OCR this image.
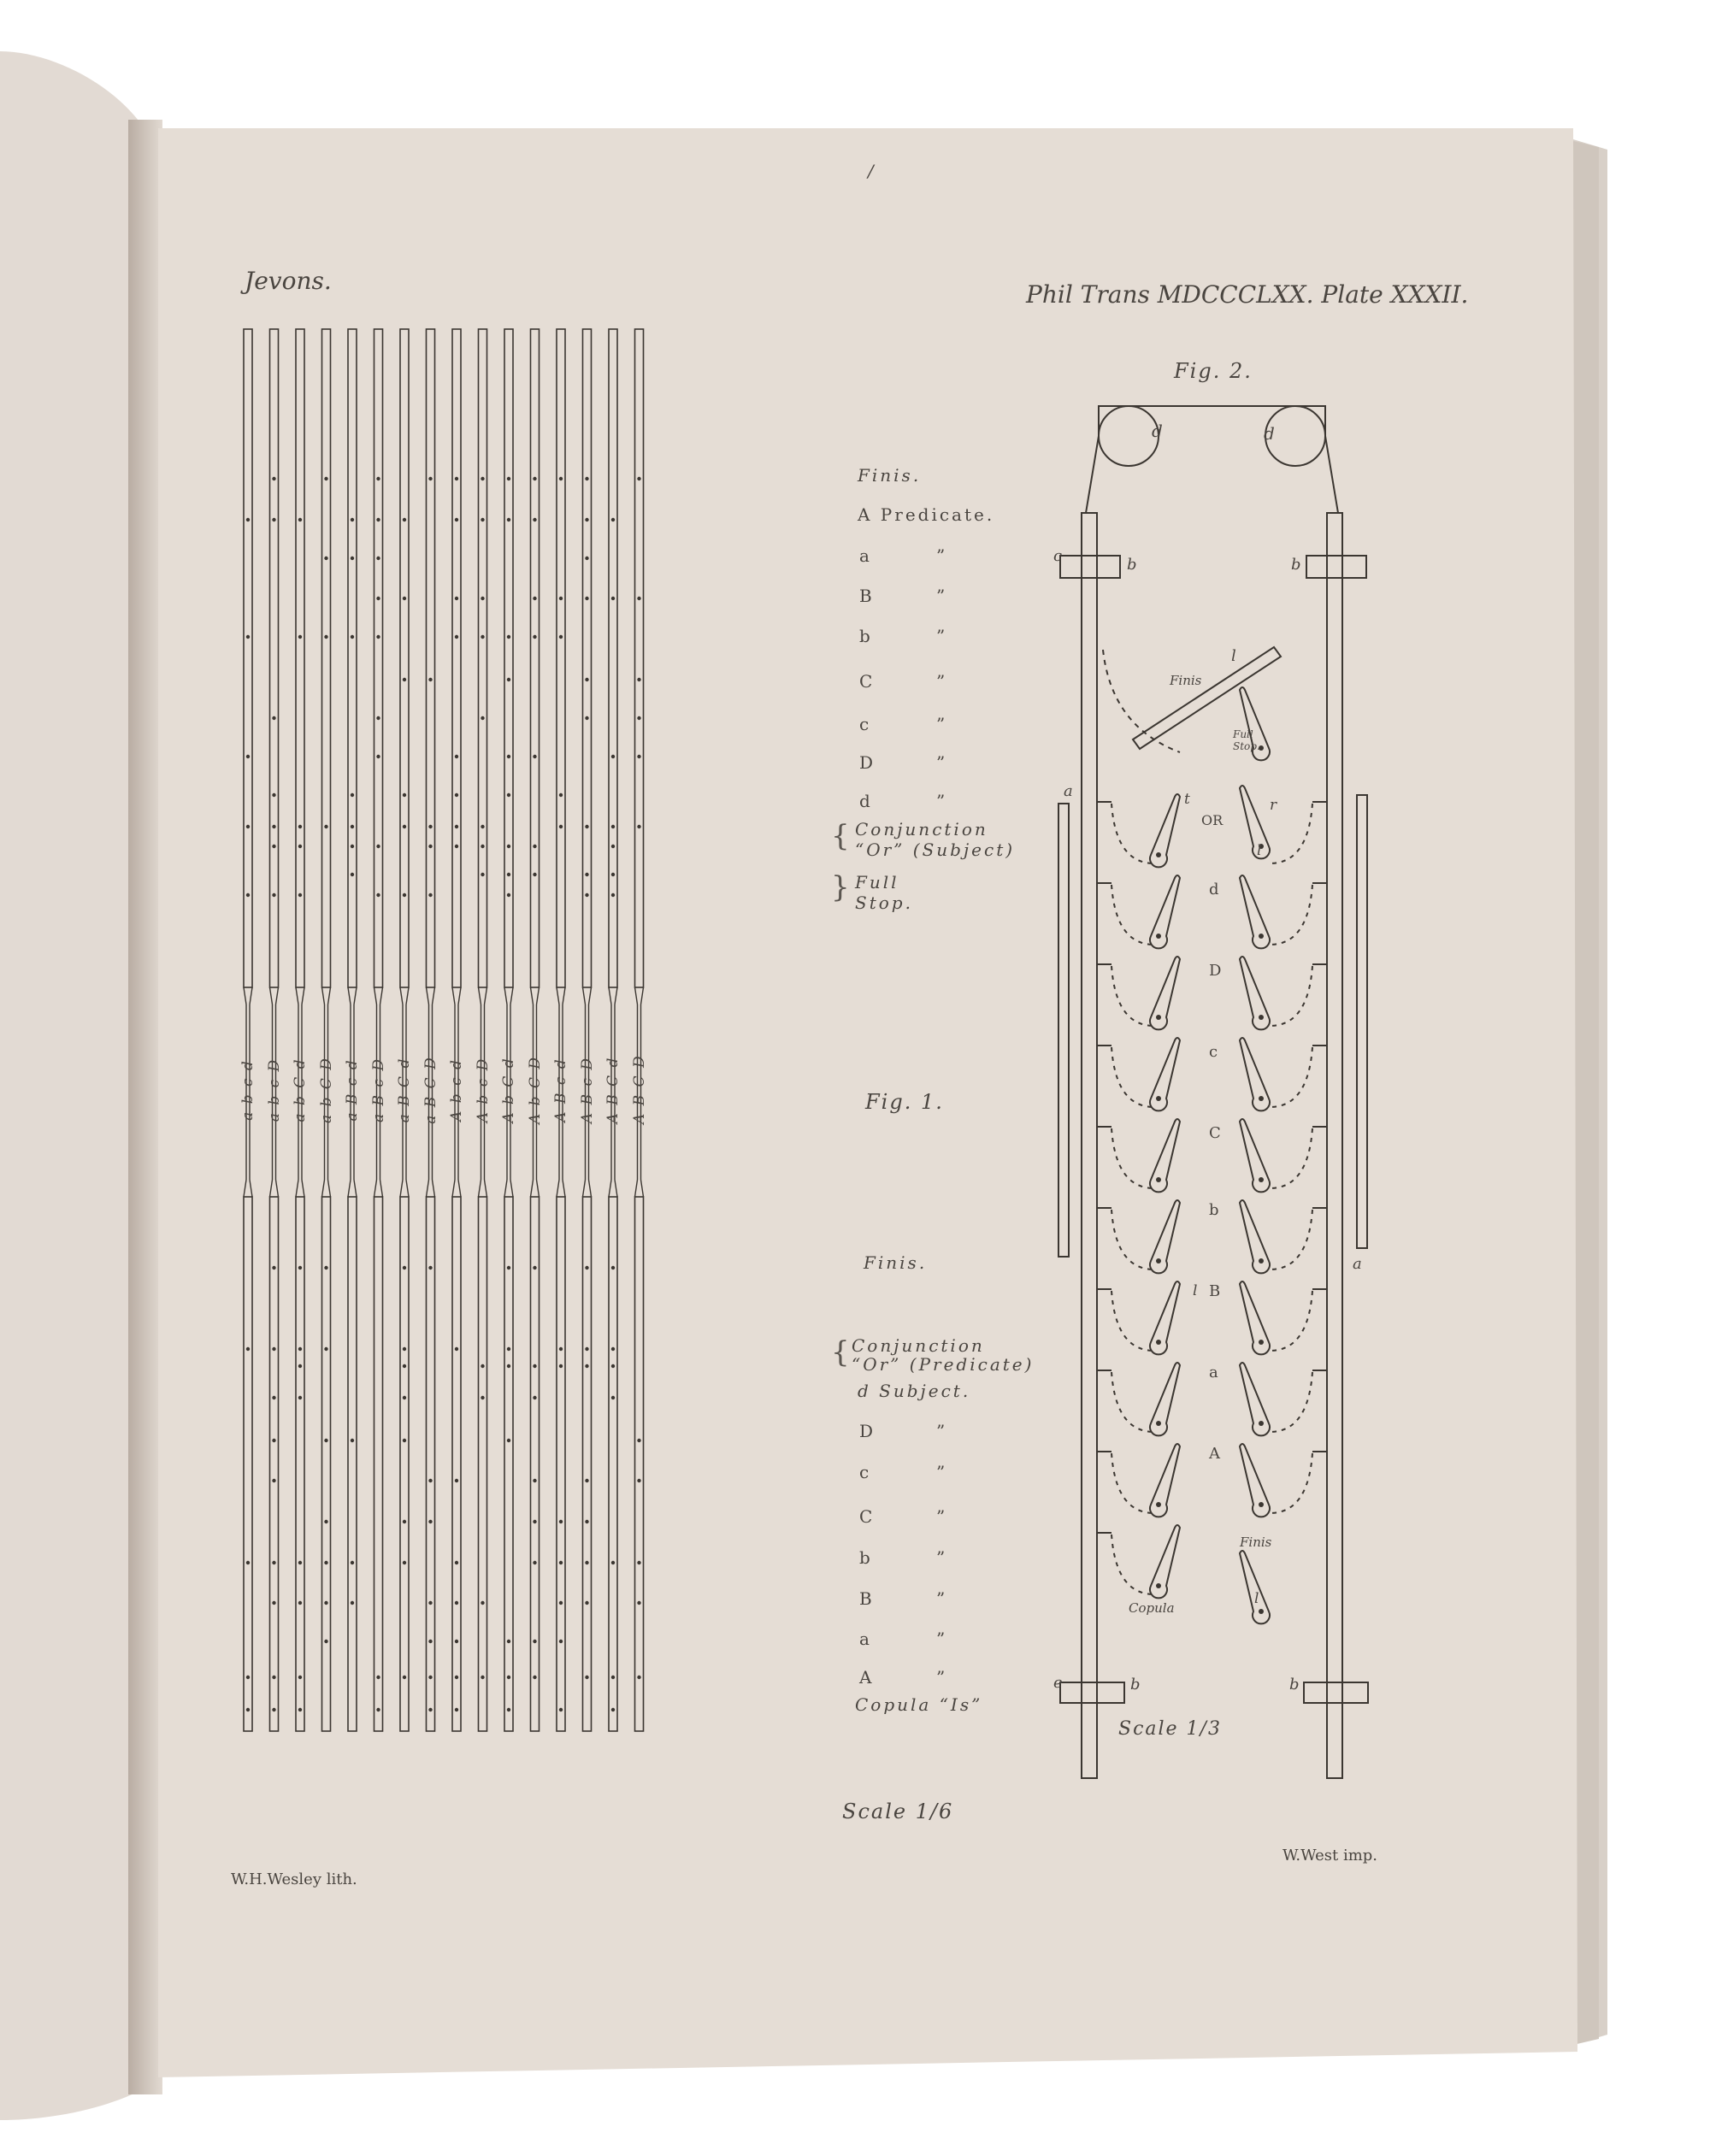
Jevons.	Phil Trans MDCCCLXX. Plate XXXII.
/
Fig. 1.
Finis.
A Predicate.
a	”
B	”
b	”
C	”
c	”
D	”
d	”
{ Conjunction
“Or” (Subject)
} Full
Stop.
Finis.
{ Conjunction
“Or” (Predicate)
d Subject.
D	”
c	”
C	”
b	”
B	”
a	”
A	”
Copula “Is”
Scale 1/6
Fig. 2.
d	d
c	b	b
e	b	b
a
a
l
t	r
l
l
l
Finis
Full
Stop.
Finis
Copula
Scale 1/3
OR
d
D
c
C
b
B
a
A
W.H.Wesley lith.
W.West imp.
a b c d a b c D a b C d a b C D a B c d a B c D a B C d a B C D A b c d A b c D A b C d A b C D A B c d A B c D A B C d A B C D
